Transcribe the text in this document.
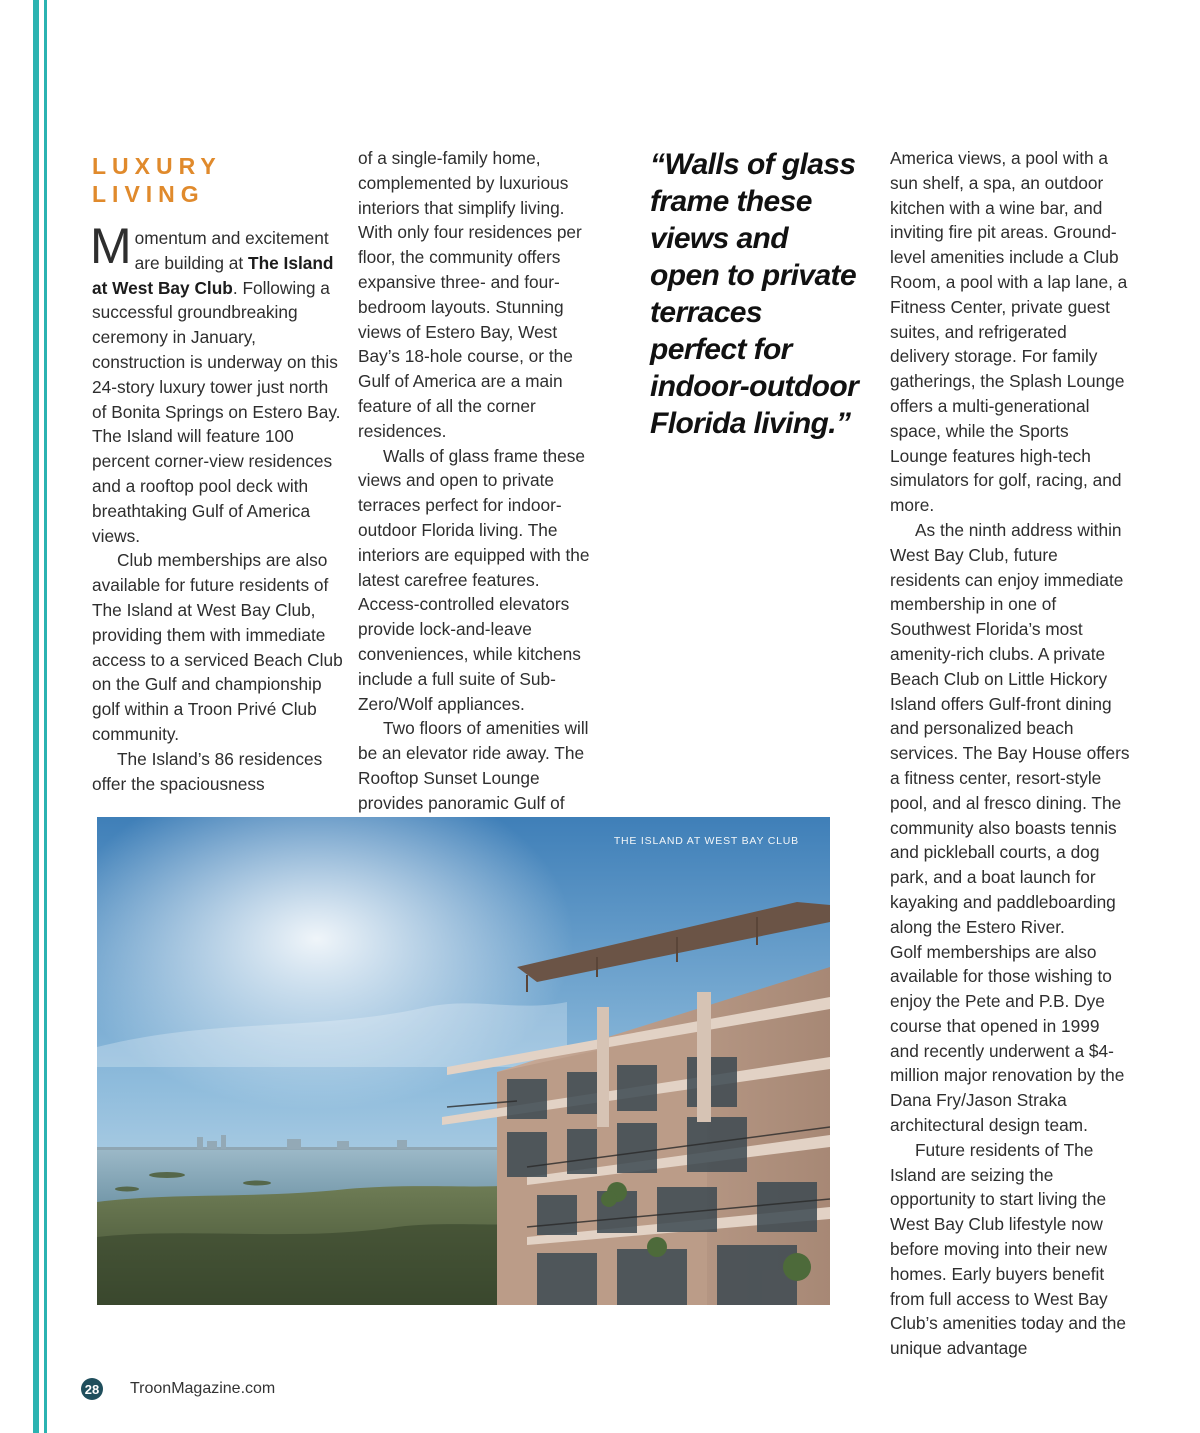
LUXURY
LIVING

Momentum and excitement are building at The Island at West Bay Club. Following a successful groundbreaking ceremony in January, construction is underway on this 24-story luxury tower just north of Bonita Springs on Estero Bay. The Island will feature 100 percent corner-view residences and a rooftop pool deck with breathtaking Gulf of America views.

Club memberships are also available for future residents of The Island at West Bay Club, providing them with immediate access to a serviced Beach Club on the Gulf and championship golf within a Troon Privé Club community.

The Island’s 86 residences offer the spaciousness

of a single-family home, complemented by luxurious interiors that simplify living. With only four residences per floor, the community offers expansive three- and four-bedroom layouts. Stunning views of Estero Bay, West Bay’s 18-hole course, or the Gulf of America are a main feature of all the corner residences.

Walls of glass frame these views and open to private terraces perfect for indoor-outdoor Florida living. The interiors are equipped with the latest carefree features. Access-controlled elevators provide lock-and-leave conveniences, while kitchens include a full suite of Sub-Zero/Wolf appliances.

Two floors of amenities will be an elevator ride away. The Rooftop Sunset Lounge provides panoramic Gulf of

“Walls of glass frame these views and open to private terraces perfect for indoor-outdoor Florida living.”

America views, a pool with a sun shelf, a spa, an outdoor kitchen with a wine bar, and inviting fire pit areas. Ground-level amenities include a Club Room, a pool with a lap lane, a Fitness Center, private guest suites, and refrigerated delivery storage. For family gatherings, the Splash Lounge offers a multi-generational space, while the Sports Lounge features high-tech simulators for golf, racing, and more.

As the ninth address within West Bay Club, future residents can enjoy immediate membership in one of Southwest Florida’s most amenity-rich clubs. A private Beach Club on Little Hickory Island offers Gulf-front dining and personalized beach services. The Bay House offers a fitness center, resort-style pool, and al fresco dining. The community also boasts tennis and pickleball courts, a dog park, and a boat launch for kayaking and paddleboarding along the Estero River.

Golf memberships are also available for those wishing to enjoy the Pete and P.B. Dye course that opened in 1999 and recently underwent a $4-million major renovation by the Dana Fry/Jason Straka architectural design team.

Future residents of The Island are seizing the opportunity to start living the West Bay Club lifestyle now before moving into their new homes. Early buyers benefit from full access to West Bay Club’s amenities today and the unique advantage

THE ISLAND AT WEST BAY CLUB
28 TroonMagazine.com
